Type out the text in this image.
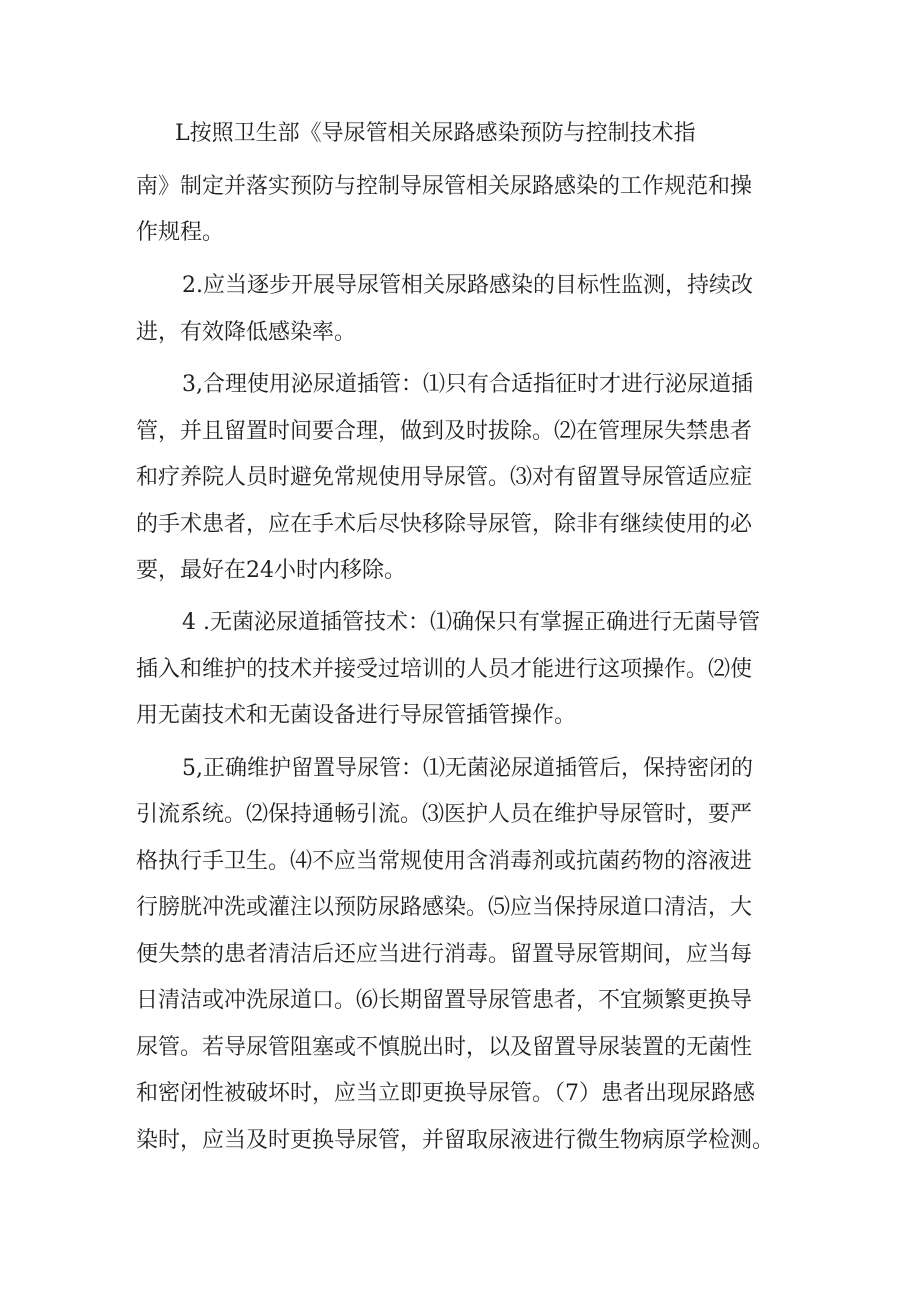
L按照卫生部《导尿管相关尿路感染预防与控制技术指
南》制定并落实预防与控制导尿管相关尿路感染的工作规范和操
作规程。
2.应当逐步开展导尿管相关尿路感染的目标性监测，持续改
进，有效降低感染率。
3,合理使用泌尿道插管：⑴只有合适指征时才进行泌尿道插
管，并且留置时间要合理，做到及时拔除。⑵在管理尿失禁患者
和疗养院人员时避免常规使用导尿管。⑶对有留置导尿管适应症
的手术患者，应在手术后尽快移除导尿管，除非有继续使用的必
要，最好在24小时内移除。
4 .无菌泌尿道插管技术：⑴确保只有掌握正确进行无菌导管
插入和维护的技术并接受过培训的人员才能进行这项操作。⑵使
用无菌技术和无菌设备进行导尿管插管操作。
5,正确维护留置导尿管：⑴无菌泌尿道插管后，保持密闭的
引流系统。⑵保持通畅引流。⑶医护人员在维护导尿管时，要严
格执行手卫生。⑷不应当常规使用含消毒剂或抗菌药物的溶液进
行膀胱冲洗或灌注以预防尿路感染。⑸应当保持尿道口清洁，大
便失禁的患者清洁后还应当进行消毒。留置导尿管期间，应当每
日清洁或冲洗尿道口。⑹长期留置导尿管患者，不宜频繁更换导
尿管。若导尿管阻塞或不慎脱出时，以及留置导尿装置的无菌性
和密闭性被破坏时，应当立即更换导尿管。（7）患者出现尿路感
染时，应当及时更换导尿管，并留取尿液进行微生物病原学检测。
